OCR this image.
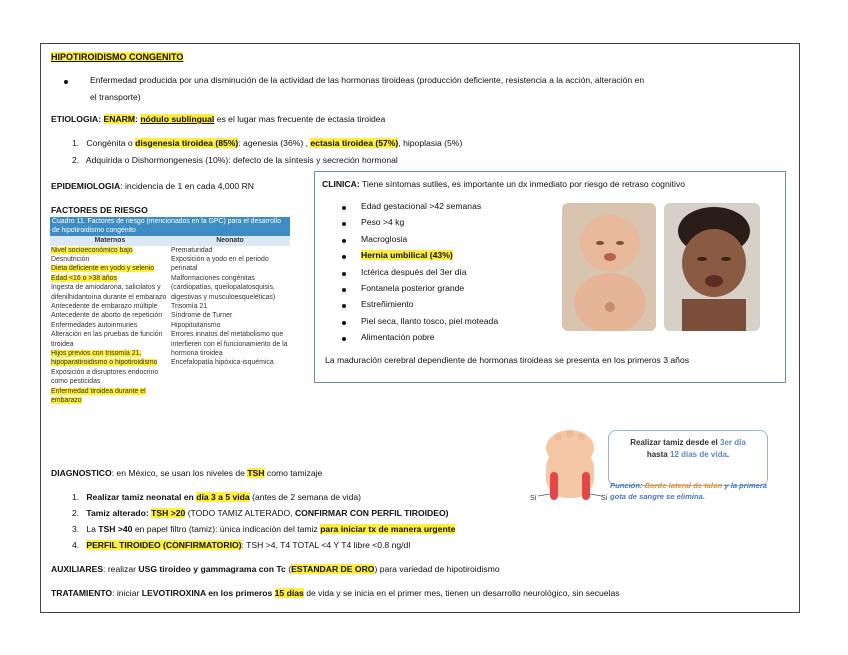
HIPOTIROIDISMO CONGENITO
Enfermedad producida por una disminución de la actividad de las hormonas tiroideas (producción deficiente, resistencia a la acción, alteración en
el transporte)
ETIOLOGIA: ENARM: nódulo sublingual es el lugar mas frecuente de ectasia tiroidea
1. Congénita o disgenesia tiroidea (85%): agenesia (36%) , ectasia tiroidea (57%), hipoplasia (5%)
2. Adquirida o Dishormongenesis (10%): defecto de la síntesis y secreción hormonal
EPIDEMIOLOGIA: incidencia de 1 en cada 4,000 RN
FACTORES DE RIESGO
Cuadro 11. Factores de riesgo (mencionados en la GPC) para el desarrollo de hipotiroidismo congénito
Maternos	Neonato
Nivel socioeconómico bajo
Desnutrición
Dieta deficiente en yodo y selenio
Edad <16 o >38 años
Ingesta de amiodarona, salicilatos y difenilhidantoína durante el embarazo
Antecedente de embarazo múltiple
Antecedente de aborto de repetición
Enfermedades autoinmunes
Alteración en las pruebas de función tiroidea
Hijos previos con trisomía 21, hipoparatiroidismo o hipotiroidismo
Exposición a disruptores endocrino como pesticidas
Enfermedad tiroidea durante el embarazo
Prematuridad
Exposición a yodo en el periodo perinatal
Malformaciones congénitas (cardiopatías, queilopalatosquisis, digestivas y musculoesqueléticas)
Trisomía 21
Síndrome de Turner
Hipopituitarismo
Errores innatos del metabolismo que interfieren con el funcionamiento de la hormona tiroidea
Encefalopatía hipóxica-isquémica
CLINICA: Tiene síntomas sutiles, es importante un dx inmediato por riesgo de retraso cognitivo
Edad gestacional >42 semanas
Peso >4 kg
Macroglosia
Hernia umbilical (43%)
Ictérica después del 3er día
Fontanela posterior grande
Estreñimiento
Piel seca, llanto tosco, piel moteada
Alimentación pobre
La maduración cerebral dependiente de hormonas tiroideas se presenta en los primeros 3 años
Sí	Sí
Realizar tamiz desde el 3er día
hasta 12 días de vida.
Punción: Borde lateral de talon y la primera gota de sangre se elimina.
DIAGNOSTICO: en México, se usan los niveles de TSH como tamizaje
1. Realizar tamiz neonatal en día 3 a 5 vida (antes de 2 semana de vida)
2. Tamiz alterado: TSH >20 (TODO TAMIZ ALTERADO, CONFIRMAR CON PERFIL TIROIDEO)
3. La TSH >40 en papel filtro (tamiz): única indicación del tamiz para iniciar tx de manera urgente
4. PERFIL TIROIDEO (CONFIRMATORIO): TSH >4, T4 TOTAL <4 Y T4 libre <0.8 ng/dl
AUXILIARES: realizar USG tiroideo y gammagrama con Tc (ESTANDAR DE ORO) para variedad de hipotiroidismo
TRATAMIENTO: iniciar LEVOTIROXINA en los primeros 15 días de vida y se inicia en el primer mes, tienen un desarrollo neurológico, sin secuelas
